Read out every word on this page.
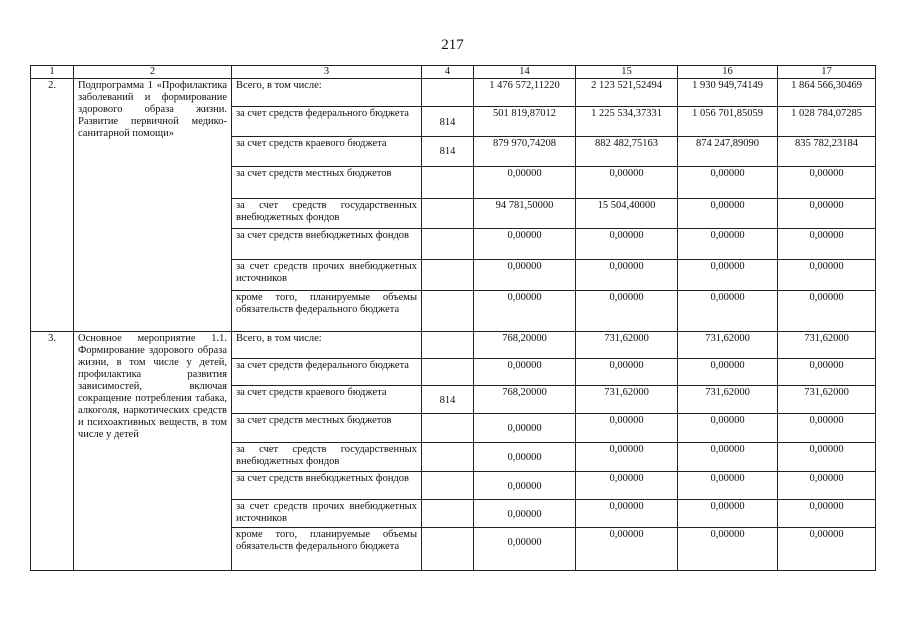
217
1	2	3	4	14	15	16	17
2.	Подпрограмма 1 «Профилактика заболеваний и формирование здорового образа жизни. Развитие первичной медико-санитарной помощи»	Всего, в том числе:		1 476 572,11220	2 123 521,52494	1 930 949,74149	1 864 566,30469
		за счет средств федерального бюджета	814	501 819,87012	1 225 534,37331	1 056 701,85059	1 028 784,07285
		за счет средств краевого бюджета	814	879 970,74208	882 482,75163	874 247,89090	835 782,23184
		за счет средств местных бюджетов		0,00000	0,00000	0,00000	0,00000
		за счет средств государственных внебюджетных фондов		94 781,50000	15 504,40000	0,00000	0,00000
		за счет средств внебюджетных фондов		0,00000	0,00000	0,00000	0,00000
		за счет средств прочих внебюджетных источников		0,00000	0,00000	0,00000	0,00000
		кроме того, планируемые объемы обязательств федерального бюджета		0,00000	0,00000	0,00000	0,00000
3.	Основное мероприятие 1.1. Формирование здорового образа жизни, в том числе у детей, профилактика развития зависимостей, включая сокращение потребления табака, алкоголя, наркотических средств и психоактивных веществ, в том числе у детей	Всего, в том числе:		768,20000	731,62000	731,62000	731,62000
		за счет средств федерального бюджета		0,00000	0,00000	0,00000	0,00000
		за счет средств краевого бюджета	814	768,20000	731,62000	731,62000	731,62000
		за счет средств местных бюджетов		0,00000	0,00000	0,00000	0,00000
		за счет средств государственных внебюджетных фондов		0,00000	0,00000	0,00000	0,00000
		за счет средств внебюджетных фондов		0,00000	0,00000	0,00000	0,00000
		за счет средств прочих внебюджетных источников		0,00000	0,00000	0,00000	0,00000
		кроме того, планируемые объемы обязательств федерального бюджета		0,00000	0,00000	0,00000	0,00000
